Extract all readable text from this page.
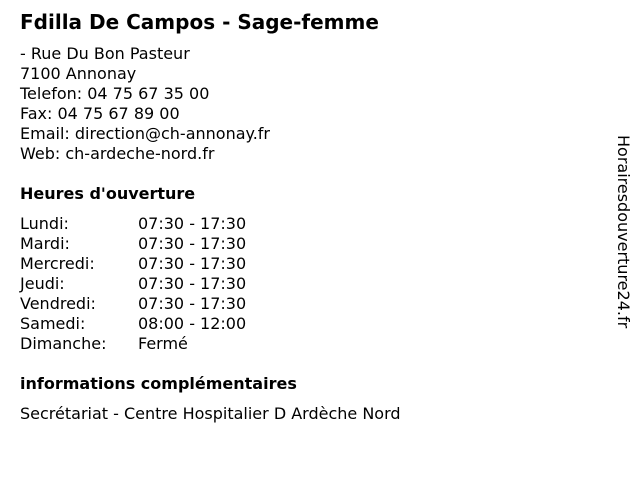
Fdilla De Campos - Sage-femme
- Rue Du Bon Pasteur
7100 Annonay
Telefon: 04 75 67 35 00
Fax: 04 75 67 89 00
Email: direction@ch-annonay.fr
Web: ch-ardeche-nord.fr
Heures d'ouverture
Lundi:	07:30 - 17:30
Mardi:	07:30 - 17:30
Mercredi:	07:30 - 17:30
Jeudi:	07:30 - 17:30
Vendredi:	07:30 - 17:30
Samedi:	08:00 - 12:00
Dimanche:	Fermé
informations complémentaires
Secrétariat - Centre Hospitalier D Ardèche Nord
Horairesdouverture24.fr
